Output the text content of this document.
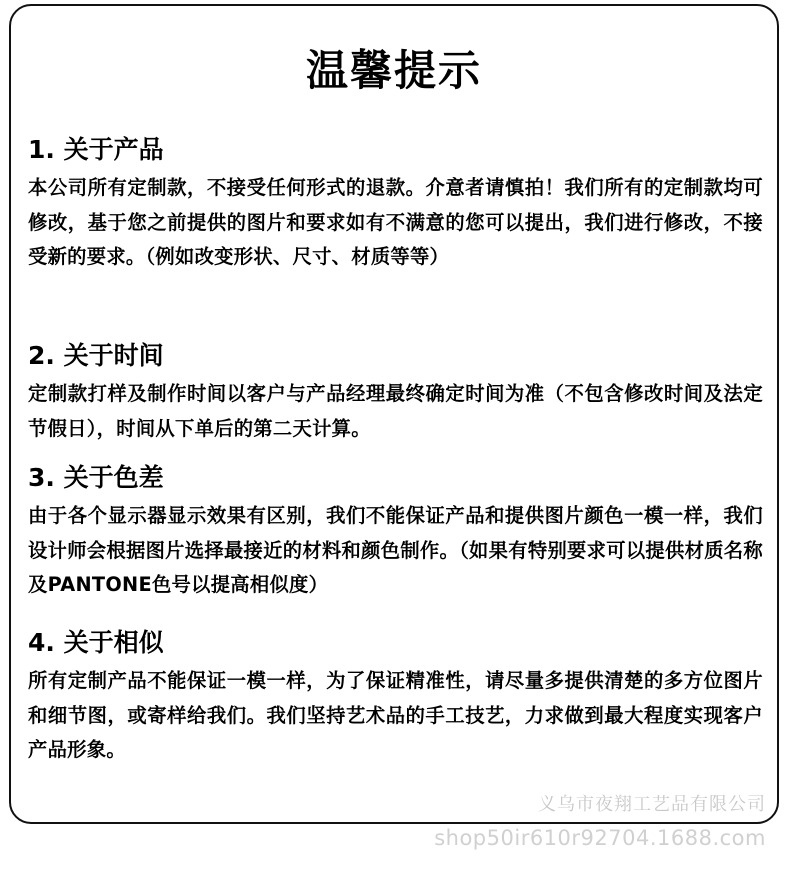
温馨提示
1. 关于产品
本公司所有定制款，不接受任何形式的退款。介意者请慎拍！我们所有的定制款均可修改，基于您之前提供的图片和要求如有不满意的您可以提出，我们进行修改，不接受新的要求。（例如改变形状、尺寸、材质等等）
2. 关于时间
定制款打样及制作时间以客户与产品经理最终确定时间为准（不包含修改时间及法定节假日），时间从下单后的第二天计算。
3. 关于色差
由于各个显示器显示效果有区别，我们不能保证产品和提供图片颜色一模一样，我们设计师会根据图片选择最接近的材料和颜色制作。（如果有特别要求可以提供材质名称及PANTONE色号以提高相似度）
4. 关于相似
所有定制产品不能保证一模一样，为了保证精准性，请尽量多提供清楚的多方位图片和细节图，或寄样给我们。我们坚持艺术品的手工技艺，力求做到最大程度实现客户产品形象。
义乌市夜翔工艺品有限公司
shop50ir610r92704.1688.com
